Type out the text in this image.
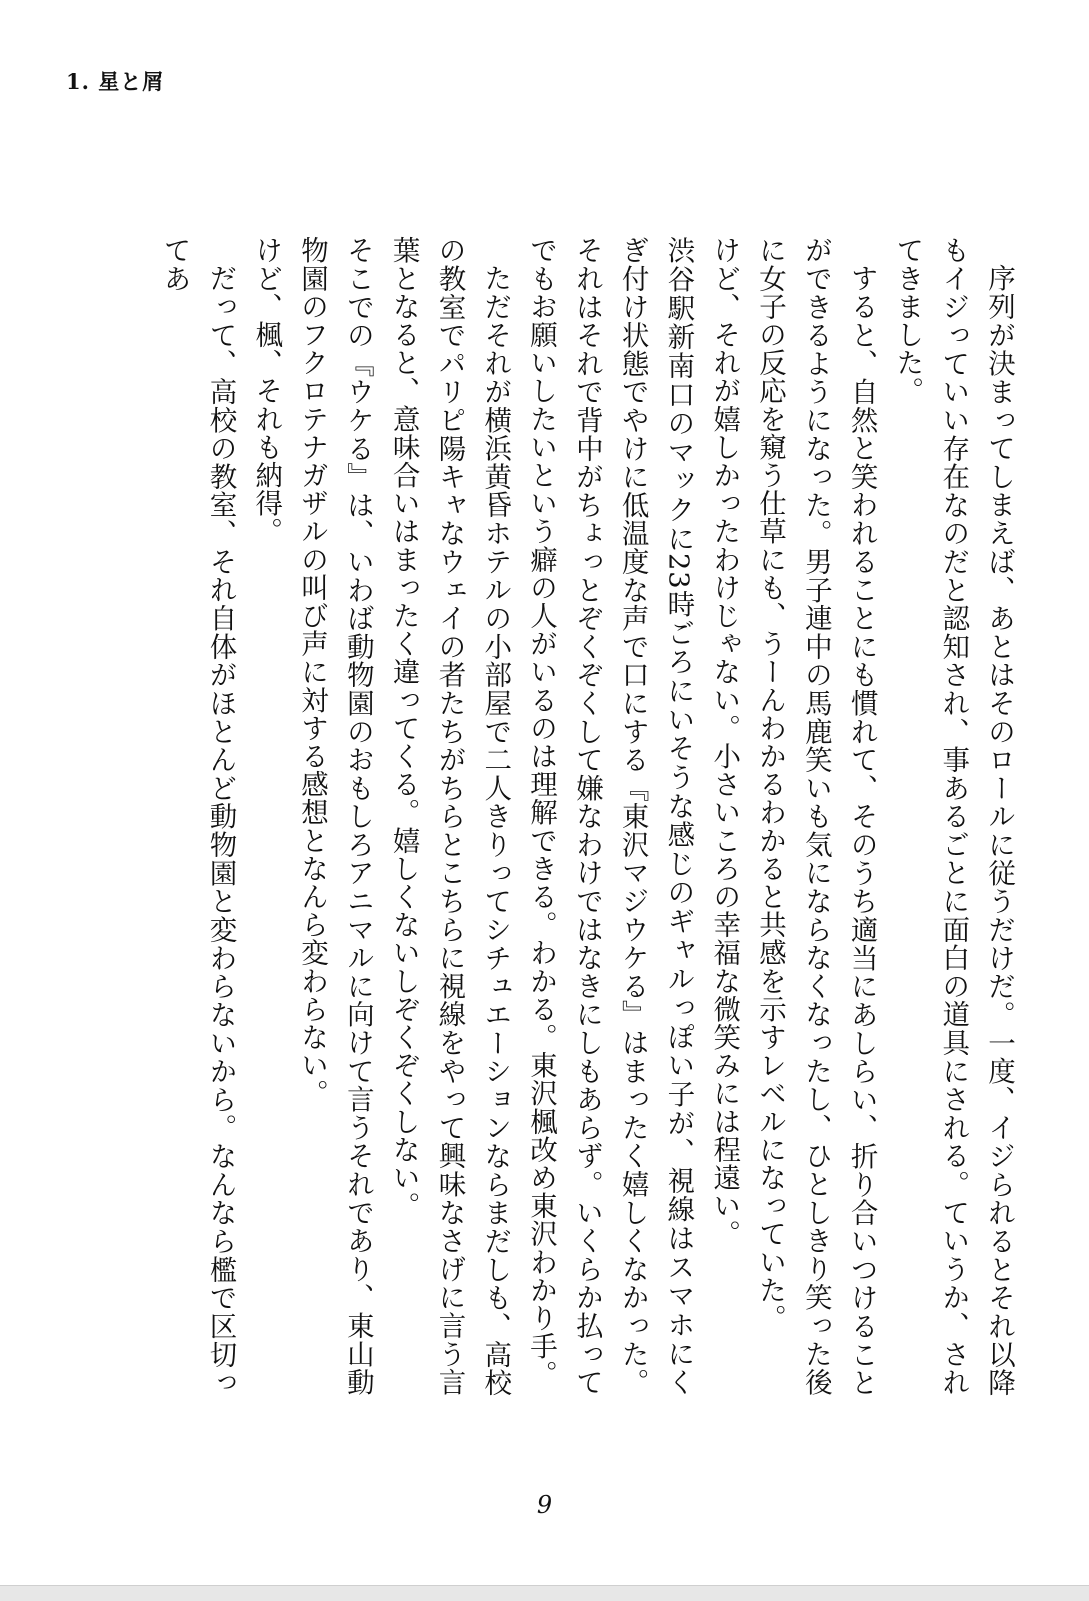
1. 星と屑

序列が決まってしまえば、あとはそのロールに従うだけだ。一度、イジられるとそれ以降もイジっていい存在なのだと認知され、事あるごとに面白の道具にされる。ていうか、されてきました。

すると、自然と笑われることにも慣れて、そのうち適当にあしらい、折り合いつけることができるようになった。男子連中の馬鹿笑いも気にならなくなったし、ひとしきり笑った後に女子の反応を窺う仕草にも、うーんわかるわかると共感を示すレベルになっていた。

けど、それが嬉しかったわけじゃない。小さいころの幸福な微笑みには程遠い。

渋谷駅新南口のマックに23時ごろにいそうな感じのギャルっぽい子が、視線はスマホにくぎ付け状態でやけに低温度な声で口にする『東沢マジウケる』はまったく嬉しくなかった。それはそれで背中がちょっとぞくぞくして嫌なわけではなきにしもあらず。いくらか払ってでもお願いしたいという癖の人がいるのは理解できる。わかる。東沢楓改め東沢わかり手。

ただそれが横浜黄昏ホテルの小部屋で二人きりってシチュエーションならまだしも、高校の教室でパリピ陽キャなウェイの者たちがちらとこちらに視線をやって興味なさげに言う言葉となると、意味合いはまったく違ってくる。嬉しくないしぞくぞくしない。

そこでの『ウケる』は、いわば動物園のおもしろアニマルに向けて言うそれであり、東山動物園のフクロテナガザルの叫び声に対する感想となんら変わらない。

けど、楓、それも納得。

だって、高校の教室、それ自体がほとんど動物園と変わらないから。なんなら檻で区切ってあ

9
